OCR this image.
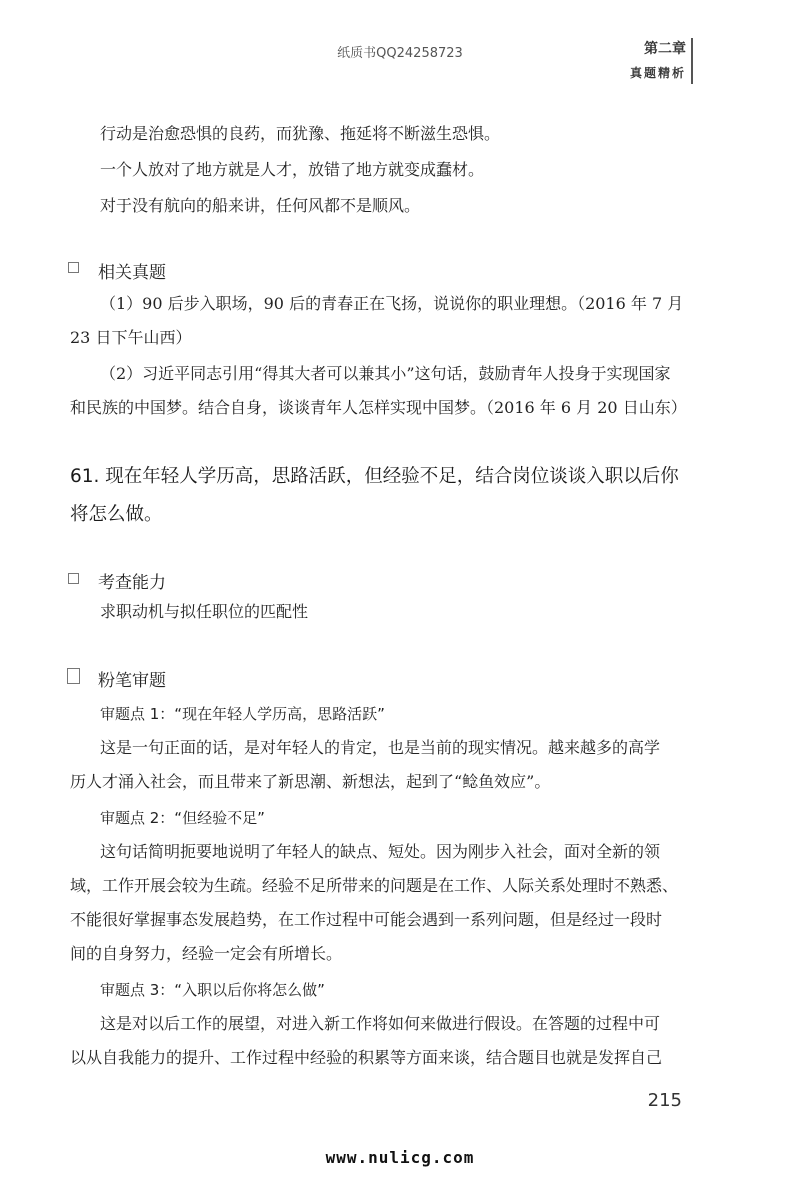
纸质书QQ24258723	第二章
真题精析
行动是治愈恐惧的良药，而犹豫、拖延将不断滋生恐惧。
一个人放对了地方就是人才，放错了地方就变成蠢材。
对于没有航向的船来讲，任何风都不是顺风。
相关真题
（1）90 后步入职场，90 后的青春正在飞扬，说说你的职业理想。（2016 年 7 月
23 日下午山西）
（2）习近平同志引用“得其大者可以兼其小”这句话，鼓励青年人投身于实现国家
和民族的中国梦。结合自身，谈谈青年人怎样实现中国梦。（2016 年 6 月 20 日山东）
61. 现在年轻人学历高，思路活跃，但经验不足，结合岗位谈谈入职以后你
将怎么做。
考查能力
求职动机与拟任职位的匹配性
粉笔审题
审题点 1：“现在年轻人学历高，思路活跃”
这是一句正面的话，是对年轻人的肯定，也是当前的现实情况。越来越多的高学
历人才涌入社会，而且带来了新思潮、新想法，起到了“鲶鱼效应”。
审题点 2：“但经验不足”
这句话简明扼要地说明了年轻人的缺点、短处。因为刚步入社会，面对全新的领
域，工作开展会较为生疏。经验不足所带来的问题是在工作、人际关系处理时不熟悉、
不能很好掌握事态发展趋势，在工作过程中可能会遇到一系列问题，但是经过一段时
间的自身努力，经验一定会有所增长。
审题点 3：“入职以后你将怎么做”
这是对以后工作的展望，对进入新工作将如何来做进行假设。在答题的过程中可
以从自我能力的提升、工作过程中经验的积累等方面来谈，结合题目也就是发挥自己
215
www.nulicg.com
